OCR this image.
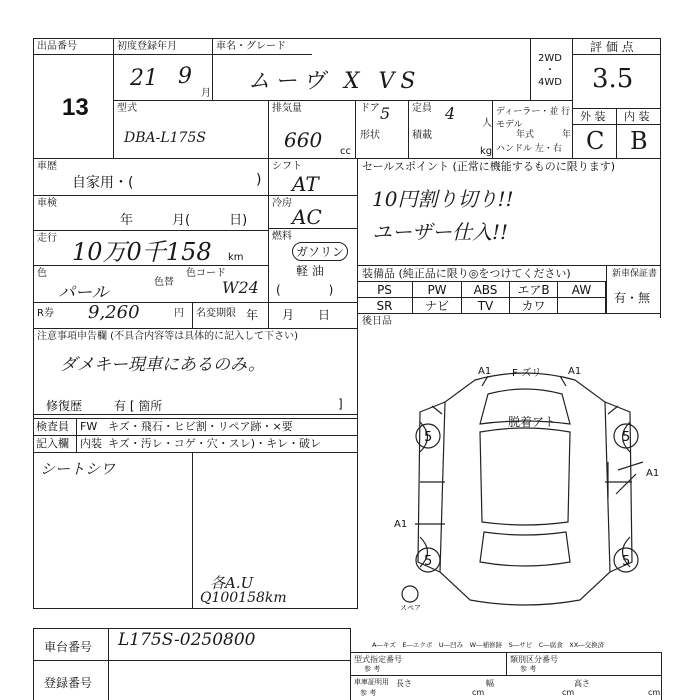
出品番号
13
初度登録年月
21 9
月
車名・グレード
ムーヴ X VS
2WD
・
4WD
評 価 点
3.5
外 装 内 装
C B
型式
DBA-L175S
排気量
660 cc
ドア 5 定員 4
人
形状	積載
kg
ディーラー・並 行
モデル
年式	年
ハンドル 左・右
車歴
自家用・(	)
車検
年　　　月(　　　日)
走行 10万0千158 km
色
パール
色替
色コード
W24
シフト
AT
冷房
AC
燃料
ガソリン
軽 油
(　　　　)
R券 9,260	円 名変期限 年　　月　　日
セールスポイント (正常に機能するものに限ります)
10円割り切り!!
ユーザー仕入!!
装備品 (純正品に限り◎をつけてください)	新車保証書
有・無
PS	PW	ABS	エアB	AW
SR	ナビ	TV	カワ
後日品
注意事項申告欄 (不具合内容等は具体的に記入して下さい)
ダメキー現車にあるのみ。
修復歴	有 [ 箇所	]
検査員
記入欄
FW キズ・飛石・ヒビ割・リペア跡・×要
内装 キズ・汚レ・コゲ・穴・スレ)・キレ・破レ
シートシワ
各A.U
Q100158km
A1	A1
F-ズリ
脱着アト
A1
A1
5	5
5	5
スペア
車台番号 L175S-0250800
登録番号
A―キズ　E―エクボ　U―凹み　W―補修跡　S―サビ　C―腐食　XX―交換済
型式指定番号
参 考
類別区分番号
参 考
車庫証明用
参 考
長さ
cm
幅
cm
高さ
cm
